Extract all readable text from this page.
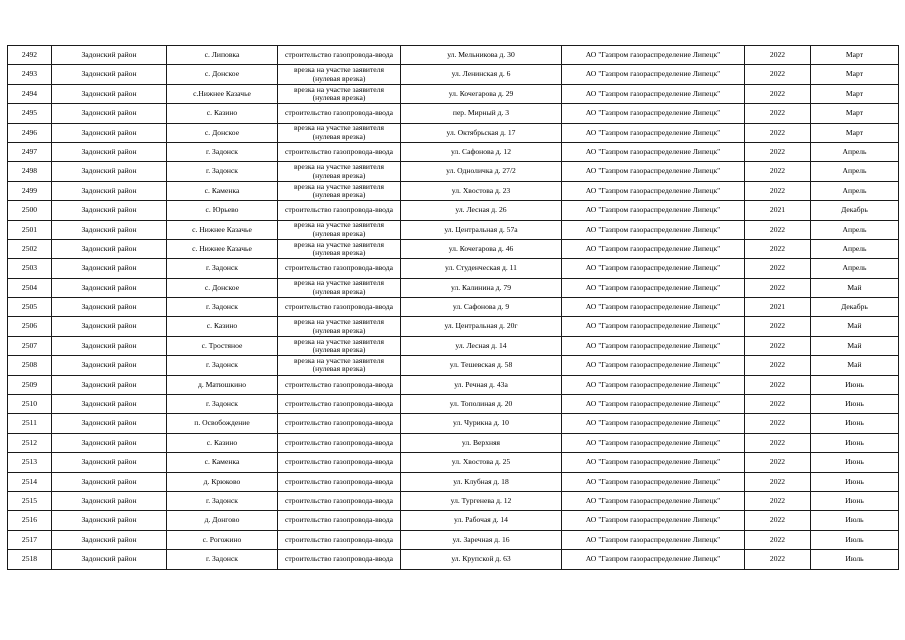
2492	Задонский район	с. Липовка	строительство газопровода-ввода	ул. Мельникова д. 30	АО "Газпром газораспределение Липецк"	2022	Март
2493	Задонский район	с. Донское	врезка на участке заявителя (нулевая врезка)	ул. Ленинская д. 6	АО "Газпром газораспределение Липецк"	2022	Март
2494	Задонский район	с.Нижнее Казачье	врезка на участке заявителя (нулевая врезка)	ул. Кочегарова д. 29	АО "Газпром газораспределение Липецк"	2022	Март
2495	Задонский район	с. Казино	строительство газопровода-ввода	пер. Мирный д. 3	АО "Газпром газораспределение Липецк"	2022	Март
2496	Задонский район	с. Донское	врезка на участке заявителя (нулевая врезка)	ул. Октябрьская д. 17	АО "Газпром газораспределение Липецк"	2022	Март
2497	Задонский район	г. Задонск	строительство газопровода-ввода	ул. Сафонова д. 12	АО "Газпром газораспределение Липецк"	2022	Апрель
2498	Задонский район	г. Задонск	врезка на участке заявителя (нулевая врезка)	ул. Одноличка д. 27/2	АО "Газпром газораспределение Липецк"	2022	Апрель
2499	Задонский район	с. Каменка	врезка на участке заявителя (нулевая врезка)	ул. Хвостова д. 23	АО "Газпром газораспределение Липецк"	2022	Апрель
2500	Задонский район	с. Юрьево	строительство газопровода-ввода	ул. Лесная д. 26	АО "Газпром газораспределение Липецк"	2021	Декабрь
2501	Задонский район	с. Нижнее Казачье	врезка на участке заявителя (нулевая врезка)	ул. Центральная д. 57а	АО "Газпром газораспределение Липецк"	2022	Апрель
2502	Задонский район	с. Нижнее Казачье	врезка на участке заявителя (нулевая врезка)	ул. Кочегарова д. 46	АО "Газпром газораспределение Липецк"	2022	Апрель
2503	Задонский район	г. Задонск	строительство газопровода-ввода	ул. Студенческая д. 11	АО "Газпром газораспределение Липецк"	2022	Апрель
2504	Задонский район	с. Донское	врезка на участке заявителя (нулевая врезка)	ул. Калинина д. 79	АО "Газпром газораспределение Липецк"	2022	Май
2505	Задонский район	г. Задонск	строительство газопровода-ввода	ул. Сафонова д. 9	АО "Газпром газораспределение Липецк"	2021	Декабрь
2506	Задонский район	с. Казино	врезка на участке заявителя (нулевая врезка)	ул. Центральная д. 20г	АО "Газпром газораспределение Липецк"	2022	Май
2507	Задонский район	с. Тростяное	врезка на участке заявителя (нулевая врезка)	ул. Лесная д. 14	АО "Газпром газораспределение Липецк"	2022	Май
2508	Задонский район	г. Задонск	врезка на участке заявителя (нулевая врезка)	ул. Тешевская д. 58	АО "Газпром газораспределение Липецк"	2022	Май
2509	Задонский район	д. Матюшкино	строительство газопровода-ввода	ул. Речная д. 43а	АО "Газпром газораспределение Липецк"	2022	Июнь
2510	Задонский район	г. Задонск	строительство газопровода-ввода	ул. Тополиная д. 20	АО "Газпром газораспределение Липецк"	2022	Июнь
2511	Задонский район	п. Освобождение	строительство газопровода-ввода	ул. Чурикна д. 10	АО "Газпром газораспределение Липецк"	2022	Июнь
2512	Задонский район	с. Казино	строительство газопровода-ввода	ул. Верхняя	АО "Газпром газораспределение Липецк"	2022	Июнь
2513	Задонский район	с. Каменка	строительство газопровода-ввода	ул. Хвостова д. 25	АО "Газпром газораспределение Липецк"	2022	Июнь
2514	Задонский район	д. Крюково	строительство газопровода-ввода	ул. Клубная д. 18	АО "Газпром газораспределение Липецк"	2022	Июнь
2515	Задонский район	г. Задонск	строительство газопровода-ввода	ул. Тургенева д. 12	АО "Газпром газораспределение Липецк"	2022	Июнь
2516	Задонский район	д. Донгово	строительство газопровода-ввода	ул. Рабочая д. 14	АО "Газпром газораспределение Липецк"	2022	Июль
2517	Задонский район	с. Рогожино	строительство газопровода-ввода	ул. Заречная д. 16	АО "Газпром газораспределение Липецк"	2022	Июль
2518	Задонский район	г. Задонск	строительство газопровода-ввода	ул. Крупской д. 63	АО "Газпром газораспределение Липецк"	2022	Июль
